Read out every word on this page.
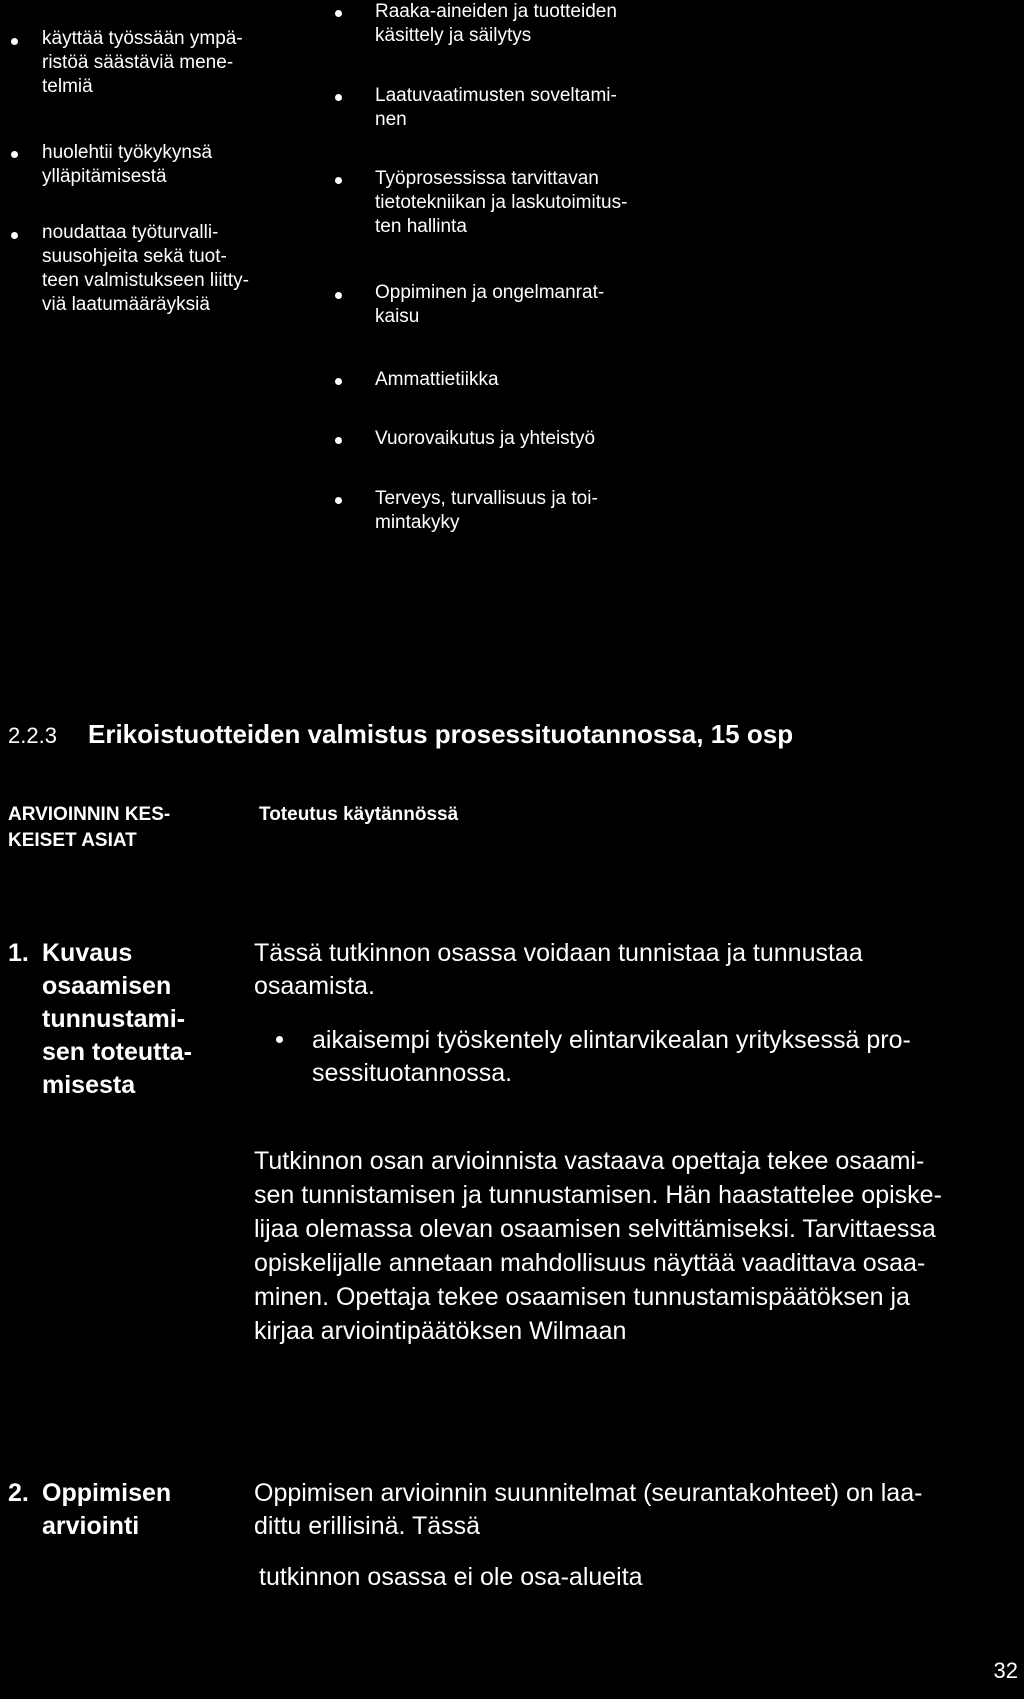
käyttää työssään ympä-
ristöä säästäviä mene-
telmiä
huolehtii työkykynsä
ylläpitämisestä
noudattaa työturvalli-
suusohjeita sekä tuot-
teen valmistukseen liitty-
viä laatumääräyksiä
Raaka-aineiden ja tuotteiden
käsittely ja säilytys
Laatuvaatimusten soveltami-
nen
Työprosessissa tarvittavan
tietotekniikan ja laskutoimitus-
ten hallinta
Oppiminen ja ongelmanrat-
kaisu
Ammattietiikka
Vuorovaikutus ja yhteistyö
Terveys, turvallisuus ja toi-
mintakyky
2.2.3 Erikoistuotteiden valmistus prosessituotannossa, 15 osp
ARVIOINNIN KES-
KEISET ASIAT
Toteutus käytännössä
1. Kuvaus
osaamisen
tunnustami-
sen toteutta-
misesta
Tässä tutkinnon osassa voidaan tunnistaa ja tunnustaa
osaamista.
aikaisempi työskentely elintarvikealan yrityksessä pro-
sessituotannossa.
Tutkinnon osan arvioinnista vastaava opettaja tekee osaami-
sen tunnistamisen ja tunnustamisen. Hän haastattelee opiske-
lijaa olemassa olevan osaamisen selvittämiseksi. Tarvittaessa
opiskelijalle annetaan mahdollisuus näyttää vaadittava osaa-
minen. Opettaja tekee osaamisen tunnustamispäätöksen ja
kirjaa arviointipäätöksen Wilmaan
2. Oppimisen
arviointi
Oppimisen arvioinnin suunnitelmat (seurantakohteet) on laa-
dittu erillisinä. Tässä
tutkinnon osassa ei ole osa-alueita
32
